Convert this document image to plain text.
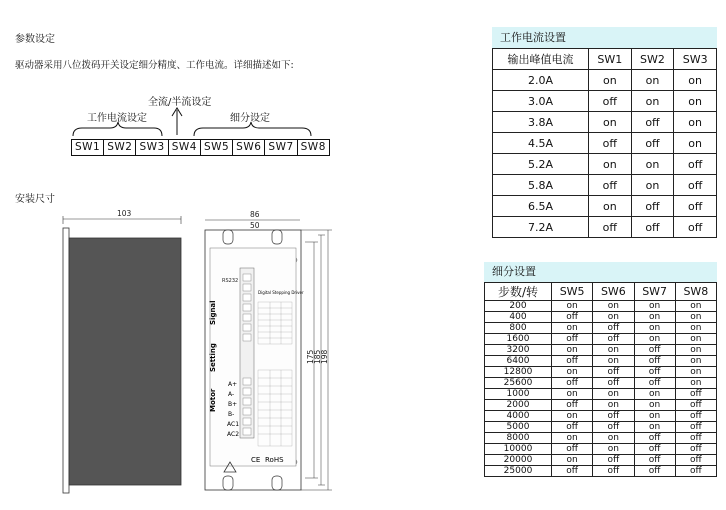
参数设定
驱动器采用八位拨码开关设定细分精度、工作电流。详细描述如下:
全流/半流设定
工作电流设定	细分设定
SW1 SW2 SW3 SW4 SW5 SW6 SW7 SW8
安装尺寸
103	86
50
RS232
Signal
Setting
Motor
A+
A-
B+
B-
AC1
AC2
Digital Stepping Driver
CE RoHS
175
185
198
工作电流设置
输出峰值电流	SW1	SW2	SW3
2.0A	on	on	on
3.0A	off	on	on
3.8A	on	off	on
4.5A	off	off	on
5.2A	on	on	off
5.8A	off	on	off
6.5A	on	off	off
7.2A	off	off	off
细分设置
步数/转	SW5	SW6	SW7	SW8
200	on	on	on	on
400	off	on	on	on
800	on	off	on	on
1600	off	off	on	on
3200	on	on	off	on
6400	off	on	off	on
12800	on	off	off	on
25600	off	off	off	on
1000	on	on	on	off
2000	off	on	on	off
4000	on	off	on	off
5000	off	off	on	off
8000	on	on	off	off
10000	off	on	off	off
20000	on	off	off	off
25000	off	off	off	off
